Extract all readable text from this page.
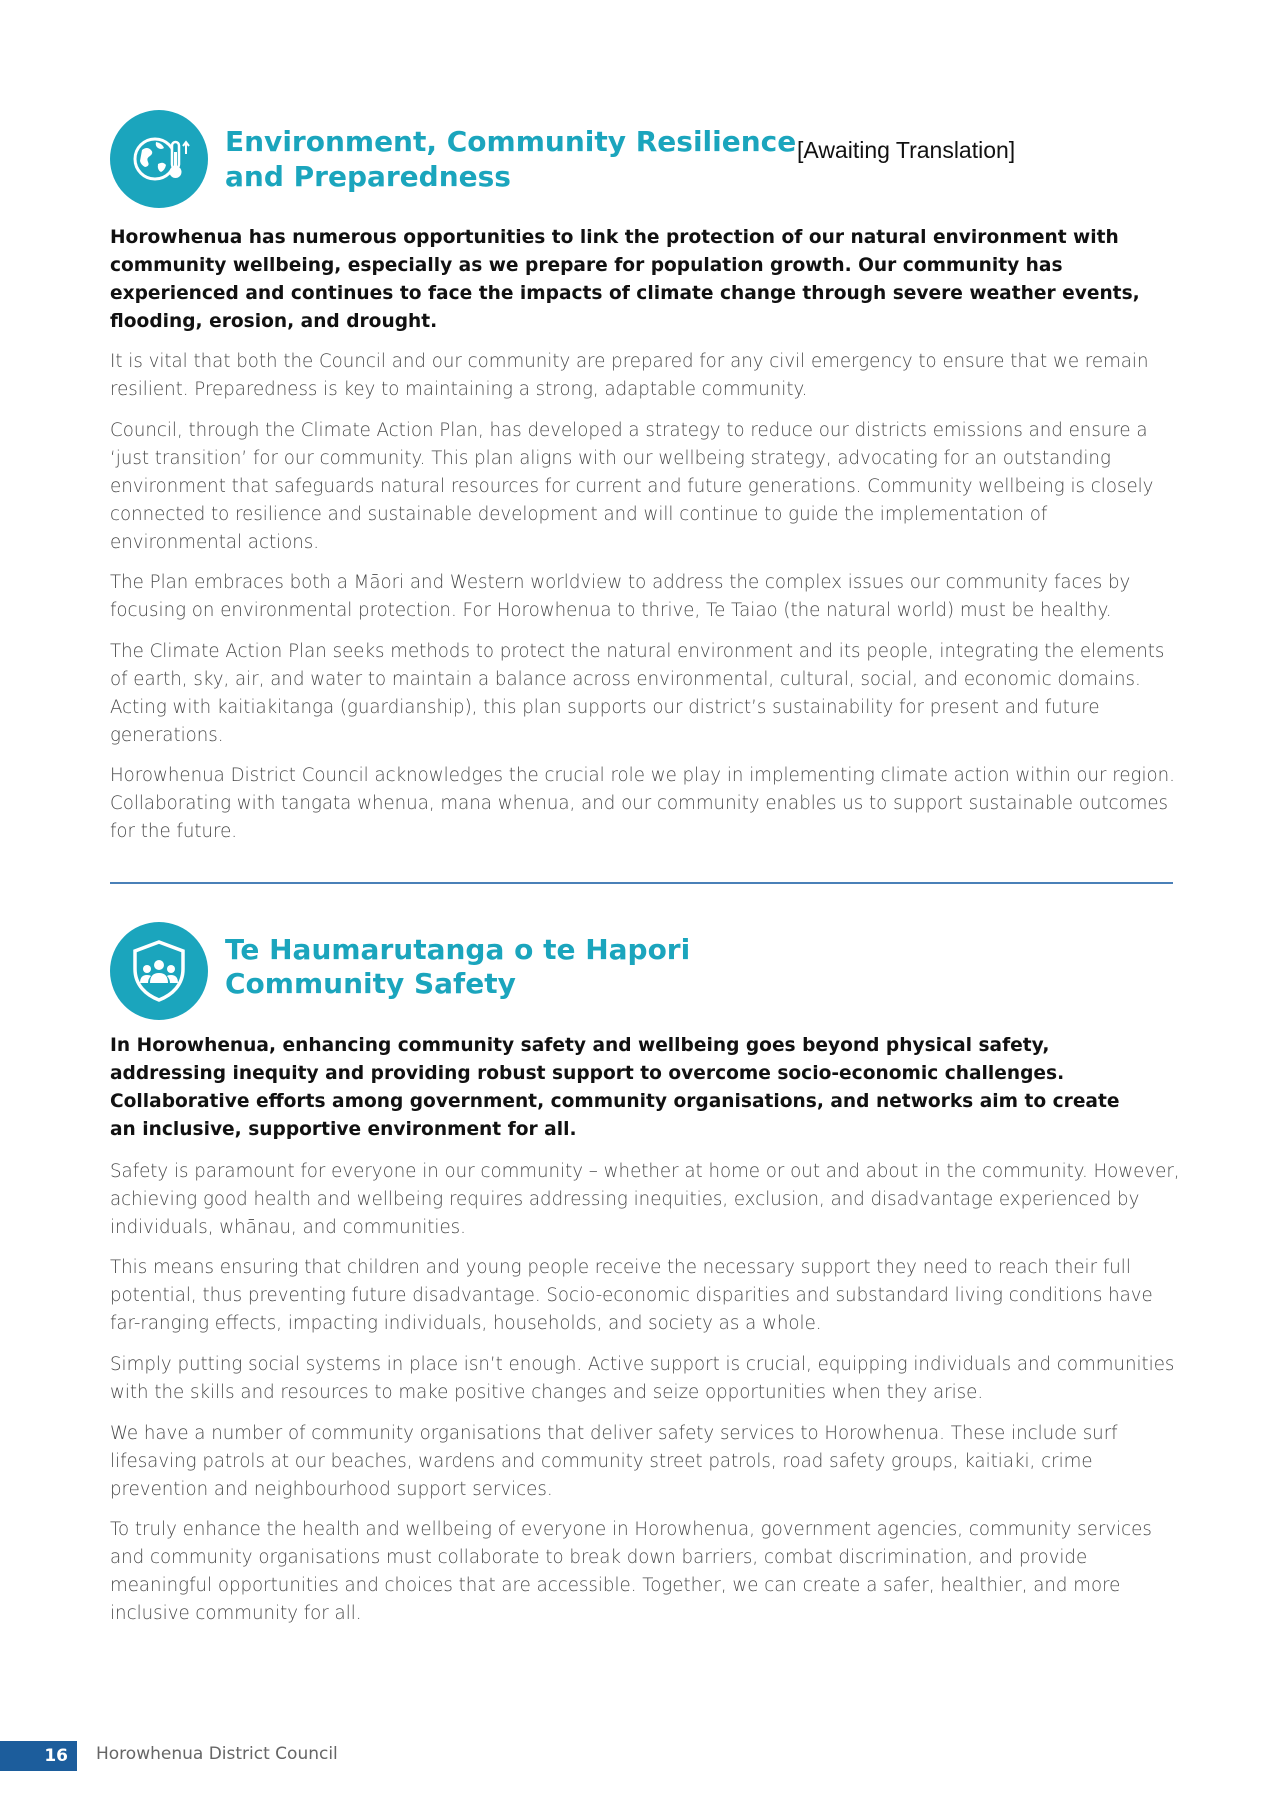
Environment, Community Resilience
and Preparedness
[Awaiting Translation]

Horowhenua has numerous opportunities to link the protection of our natural environment with community wellbeing, especially as we prepare for population growth. Our community has experienced and continues to face the impacts of climate change through severe weather events, flooding, erosion, and drought.

It is vital that both the Council and our community are prepared for any civil emergency to ensure that we remain resilient. Preparedness is key to maintaining a strong, adaptable community.

Council, through the Climate Action Plan, has developed a strategy to reduce our districts emissions and ensure a ‘just transition’ for our community. This plan aligns with our wellbeing strategy, advocating for an outstanding environment that safeguards natural resources for current and future generations. Community wellbeing is closely connected to resilience and sustainable development and will continue to guide the implementation of environmental actions.

The Plan embraces both a Māori and Western worldview to address the complex issues our community faces by focusing on environmental protection. For Horowhenua to thrive, Te Taiao (the natural world) must be healthy.

The Climate Action Plan seeks methods to protect the natural environment and its people, integrating the elements of earth, sky, air, and water to maintain a balance across environmental, cultural, social, and economic domains. Acting with kaitiakitanga (guardianship), this plan supports our district’s sustainability for present and future generations.

Horowhenua District Council acknowledges the crucial role we play in implementing climate action within our region. Collaborating with tangata whenua, mana whenua, and our community enables us to support sustainable outcomes for the future.

Te Haumarutanga o te Hapori
Community Safety

In Horowhenua, enhancing community safety and wellbeing goes beyond physical safety, addressing inequity and providing robust support to overcome socio-economic challenges. Collaborative efforts among government, community organisations, and networks aim to create an inclusive, supportive environment for all.

Safety is paramount for everyone in our community – whether at home or out and about in the community. However, achieving good health and wellbeing requires addressing inequities, exclusion, and disadvantage experienced by individuals, whānau, and communities.

This means ensuring that children and young people receive the necessary support they need to reach their full potential, thus preventing future disadvantage. Socio-economic disparities and substandard living conditions have far-ranging effects, impacting individuals, households, and society as a whole.

Simply putting social systems in place isn’t enough. Active support is crucial, equipping individuals and communities with the skills and resources to make positive changes and seize opportunities when they arise.

We have a number of community organisations that deliver safety services to Horowhenua. These include surf lifesaving patrols at our beaches, wardens and community street patrols, road safety groups, kaitiaki, crime prevention and neighbourhood support services.

To truly enhance the health and wellbeing of everyone in Horowhenua, government agencies, community services and community organisations must collaborate to break down barriers, combat discrimination, and provide meaningful opportunities and choices that are accessible. Together, we can create a safer, healthier, and more inclusive community for all.

16	Horowhenua District Council
